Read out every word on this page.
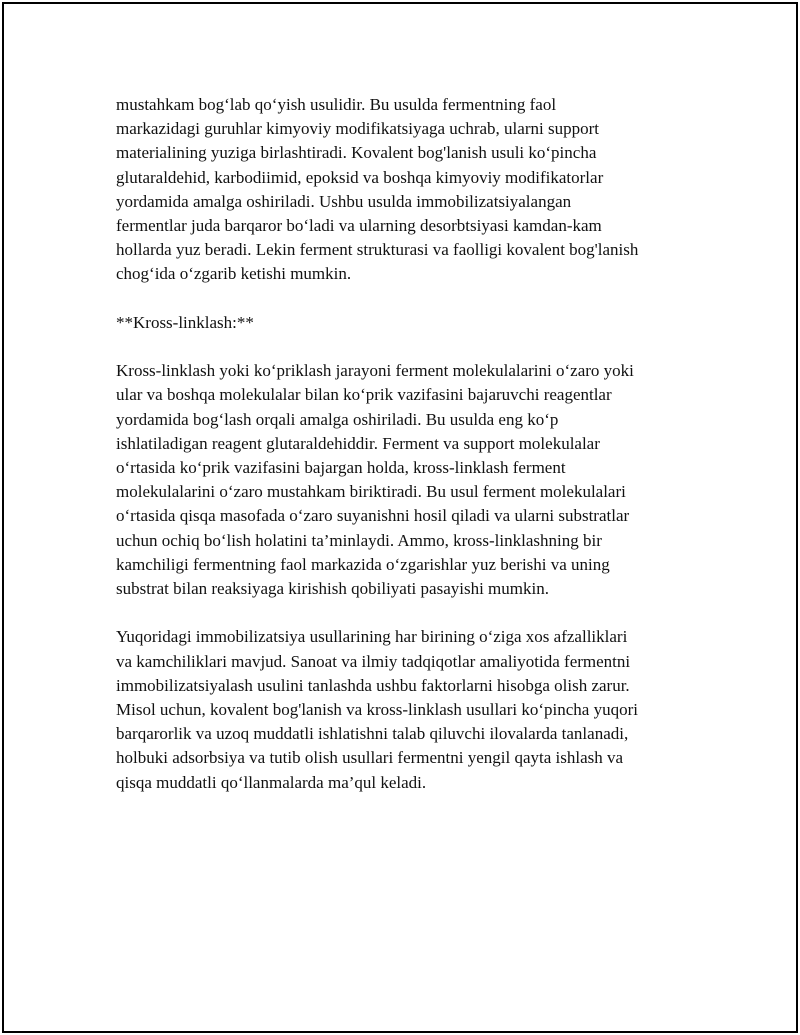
mustahkam bog‘lab qo‘yish usulidir. Bu usulda fermentning faol
markazidagi guruhlar kimyoviy modifikatsiyaga uchrab, ularni support
materialining yuziga birlashtiradi. Kovalent bog'lanish usuli ko‘pincha
glutaraldehid, karbodiimid, epoksid va boshqa kimyoviy modifikatorlar
yordamida amalga oshiriladi. Ushbu usulda immobilizatsiyalangan
fermentlar juda barqaror bo‘ladi va ularning desorbtsiyasi kamdan-kam
hollarda yuz beradi. Lekin ferment strukturasi va faolligi kovalent bog'lanish
chog‘ida o‘zgarib ketishi mumkin.

**Kross-linklash:**

Kross-linklash yoki ko‘priklash jarayoni ferment molekulalarini o‘zaro yoki
ular va boshqa molekulalar bilan ko‘prik vazifasini bajaruvchi reagentlar
yordamida bog‘lash orqali amalga oshiriladi. Bu usulda eng ko‘p
ishlatiladigan reagent glutaraldehiddir. Ferment va support molekulalar
o‘rtasida ko‘prik vazifasini bajargan holda, kross-linklash ferment
molekulalarini o‘zaro mustahkam biriktiradi. Bu usul ferment molekulalari
o‘rtasida qisqa masofada o‘zaro suyanishni hosil qiladi va ularni substratlar
uchun ochiq bo‘lish holatini ta’minlaydi. Ammo, kross-linklashning bir
kamchiligi fermentning faol markazida o‘zgarishlar yuz berishi va uning
substrat bilan reaksiyaga kirishish qobiliyati pasayishi mumkin.

Yuqoridagi immobilizatsiya usullarining har birining o‘ziga xos afzalliklari
va kamchiliklari mavjud. Sanoat va ilmiy tadqiqotlar amaliyotida fermentni
immobilizatsiyalash usulini tanlashda ushbu faktorlarni hisobga olish zarur.
Misol uchun, kovalent bog'lanish va kross-linklash usullari ko‘pincha yuqori
barqarorlik va uzoq muddatli ishlatishni talab qiluvchi ilovalarda tanlanadi,
holbuki adsorbsiya va tutib olish usullari fermentni yengil qayta ishlash va
qisqa muddatli qo‘llanmalarda ma’qul keladi.
